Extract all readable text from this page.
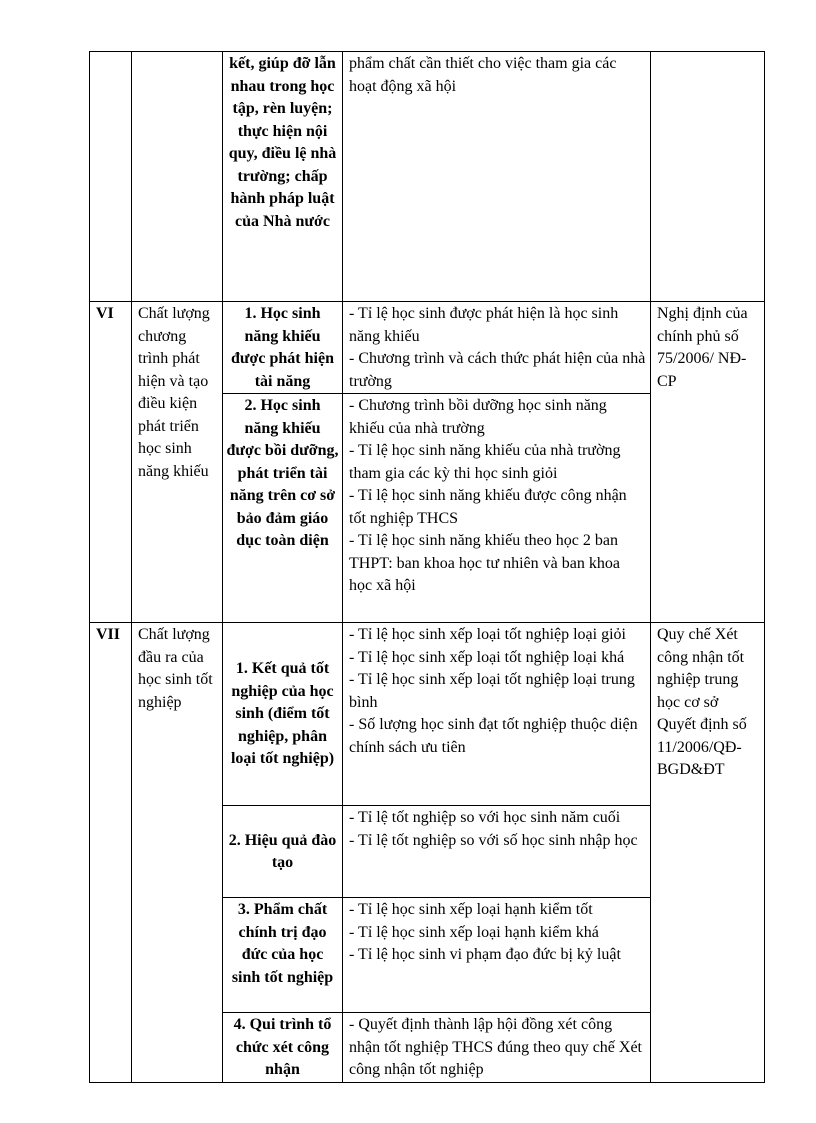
		kết, giúp đỡ lẫn nhau trong học tập, rèn luyện; thực hiện nội quy, điều lệ nhà trường; chấp hành pháp luật của Nhà nước	phẩm chất cần thiết cho việc tham gia các hoạt động xã hội	

VI	Chất lượng chương trình phát hiện và tạo điều kiện phát triển học sinh năng khiếu	1. Học sinh năng khiếu được phát hiện tài năng	- Tỉ lệ học sinh được phát hiện là học sinh năng khiếu
- Chương trình và cách thức phát hiện của nhà trường	Nghị định của chính phủ số 75/2006/ NĐ-CP
		2. Học sinh năng khiếu được bồi dưỡng, phát triển tài năng trên cơ sở bảo đảm giáo dục toàn diện	- Chương trình bồi dưỡng học sinh năng khiếu của nhà trường
- Tỉ lệ học sinh năng khiếu của nhà trường tham gia các kỳ thi học sinh giỏi
- Tỉ lệ học sinh năng khiếu được công nhận tốt nghiệp THCS
- Tỉ lệ học sinh năng khiếu theo học 2 ban THPT: ban khoa học tư nhiên và ban khoa học xã hội	

VII	Chất lượng đầu ra của học sinh tốt nghiệp	1. Kết quả tốt nghiệp của học sinh (điểm tốt nghiệp, phân loại tốt nghiệp)	- Tỉ lệ học sinh xếp loại tốt nghiệp loại giỏi
- Tỉ lệ học sinh xếp loại tốt nghiệp loại khá
- Tỉ lệ học sinh xếp loại tốt nghiệp loại trung bình
- Số lượng học sinh đạt tốt nghiệp thuộc diện chính sách ưu tiên	Quy chế Xét công nhận tốt nghiệp trung học cơ sở Quyết định số 11/2006/QĐ-BGD&ĐT
		2. Hiệu quả đào tạo	- Tỉ lệ tốt nghiệp so với học sinh năm cuối
- Tỉ lệ tốt nghiệp so với số học sinh nhập học	

		3. Phẩm chất chính trị đạo đức của học sinh tốt nghiệp	- Tỉ lệ học sinh xếp loại hạnh kiểm tốt
- Tỉ lệ học sinh xếp loại hạnh kiểm khá
- Tỉ lệ học sinh vi phạm đạo đức bị kỷ luật	

		4. Qui trình tổ chức xét công nhận	- Quyết định thành lập hội đồng xét công nhận tốt nghiệp THCS đúng theo quy chế Xét công nhận tốt nghiệp	
